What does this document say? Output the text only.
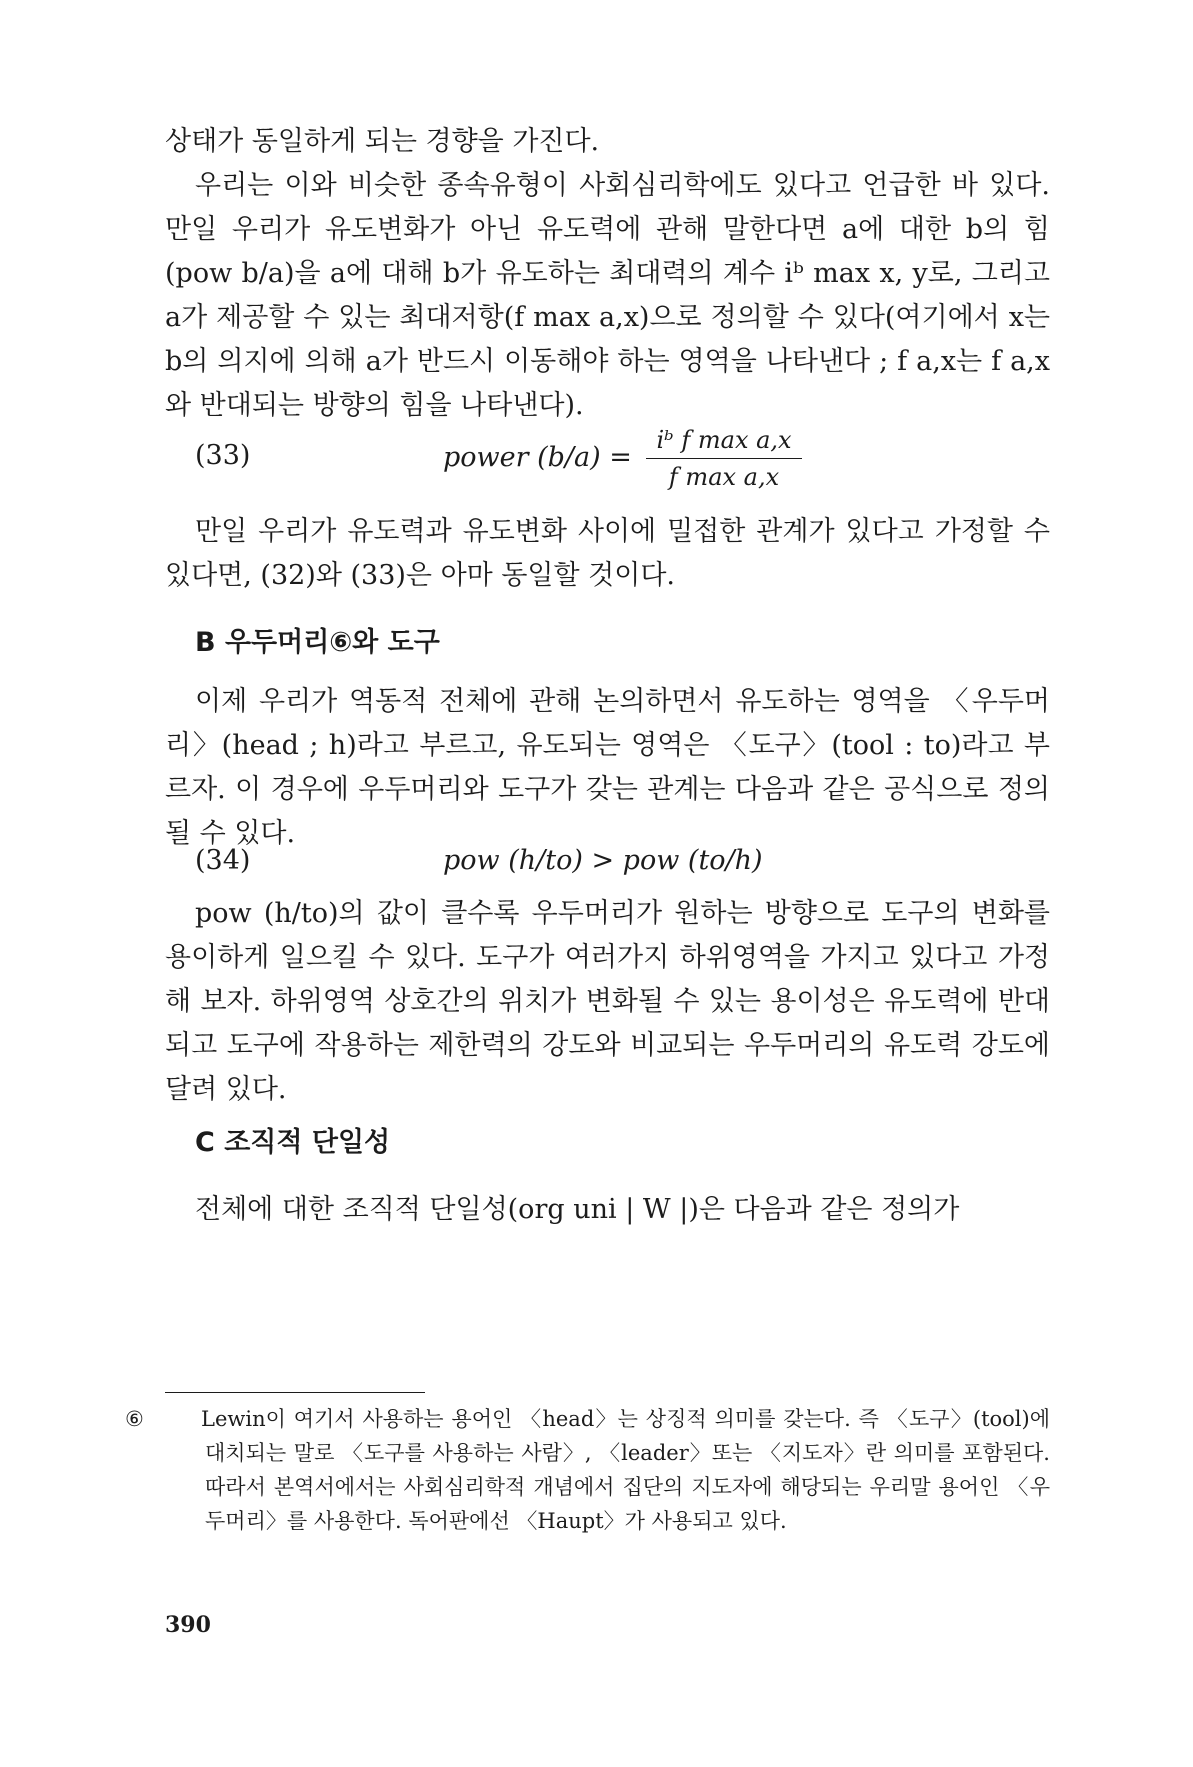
상태가 동일하게 되는 경향을 가진다.

우리는 이와 비슷한 종속유형이 사회심리학에도 있다고 언급한 바 있다. 만일 우리가 유도변화가 아닌 유도력에 관해 말한다면 a에 대한 b의 힘(pow b/a)을 a에 대해 b가 유도하는 최대력의 계수 iᵇ max x, y로, 그리고 a가 제공할 수 있는 최대저항(f max a,x)으로 정의할 수 있다(여기에서 x는 b의 의지에 의해 a가 반드시 이동해야 하는 영역을 나타낸다 ; f a,x는 f a,x와 반대되는 방향의 힘을 나타낸다).

(33)	power $(b/a) = \frac{\text{iᵇ f max a,x}}{\text{f max a,x}}$

만일 우리가 유도력과 유도변화 사이에 밀접한 관계가 있다고 가정할 수 있다면, (32)와 (33)은 아마 동일할 것이다.

B 우두머리⑥와 도구

이제 우리가 역동적 전체에 관해 논의하면서 유도하는 영역을 〈우두머리〉(head ; h)라고 부르고, 유도되는 영역은 〈도구〉(tool : to)라고 부르자. 이 경우에 우두머리와 도구가 갖는 관계는 다음과 같은 공식으로 정의될 수 있다.

(34)	pow (h/to) > pow (to/h)

pow (h/to)의 값이 클수록 우두머리가 원하는 방향으로 도구의 변화를 용이하게 일으킬 수 있다. 도구가 여러가지 하위영역을 가지고 있다고 가정해 보자. 하위영역 상호간의 위치가 변화될 수 있는 용이성은 유도력에 반대되고 도구에 작용하는 제한력의 강도와 비교되는 우두머리의 유도력 강도에 달려 있다.

C 조직적 단일성

전체에 대한 조직적 단일성(org uni | W |)은 다음과 같은 정의가

⑥	Lewin이 여기서 사용하는 용어인 〈head〉는 상징적 의미를 갖는다. 즉 〈도구〉(tool)에 대치되는 말로 〈도구를 사용하는 사람〉, 〈leader〉또는 〈지도자〉란 의미를 포함된다. 따라서 본역서에서는 사회심리학적 개념에서 집단의 지도자에 해당되는 우리말 용어인 〈우두머리〉를 사용한다. 독어판에선 〈Haupt〉가 사용되고 있다.

390
